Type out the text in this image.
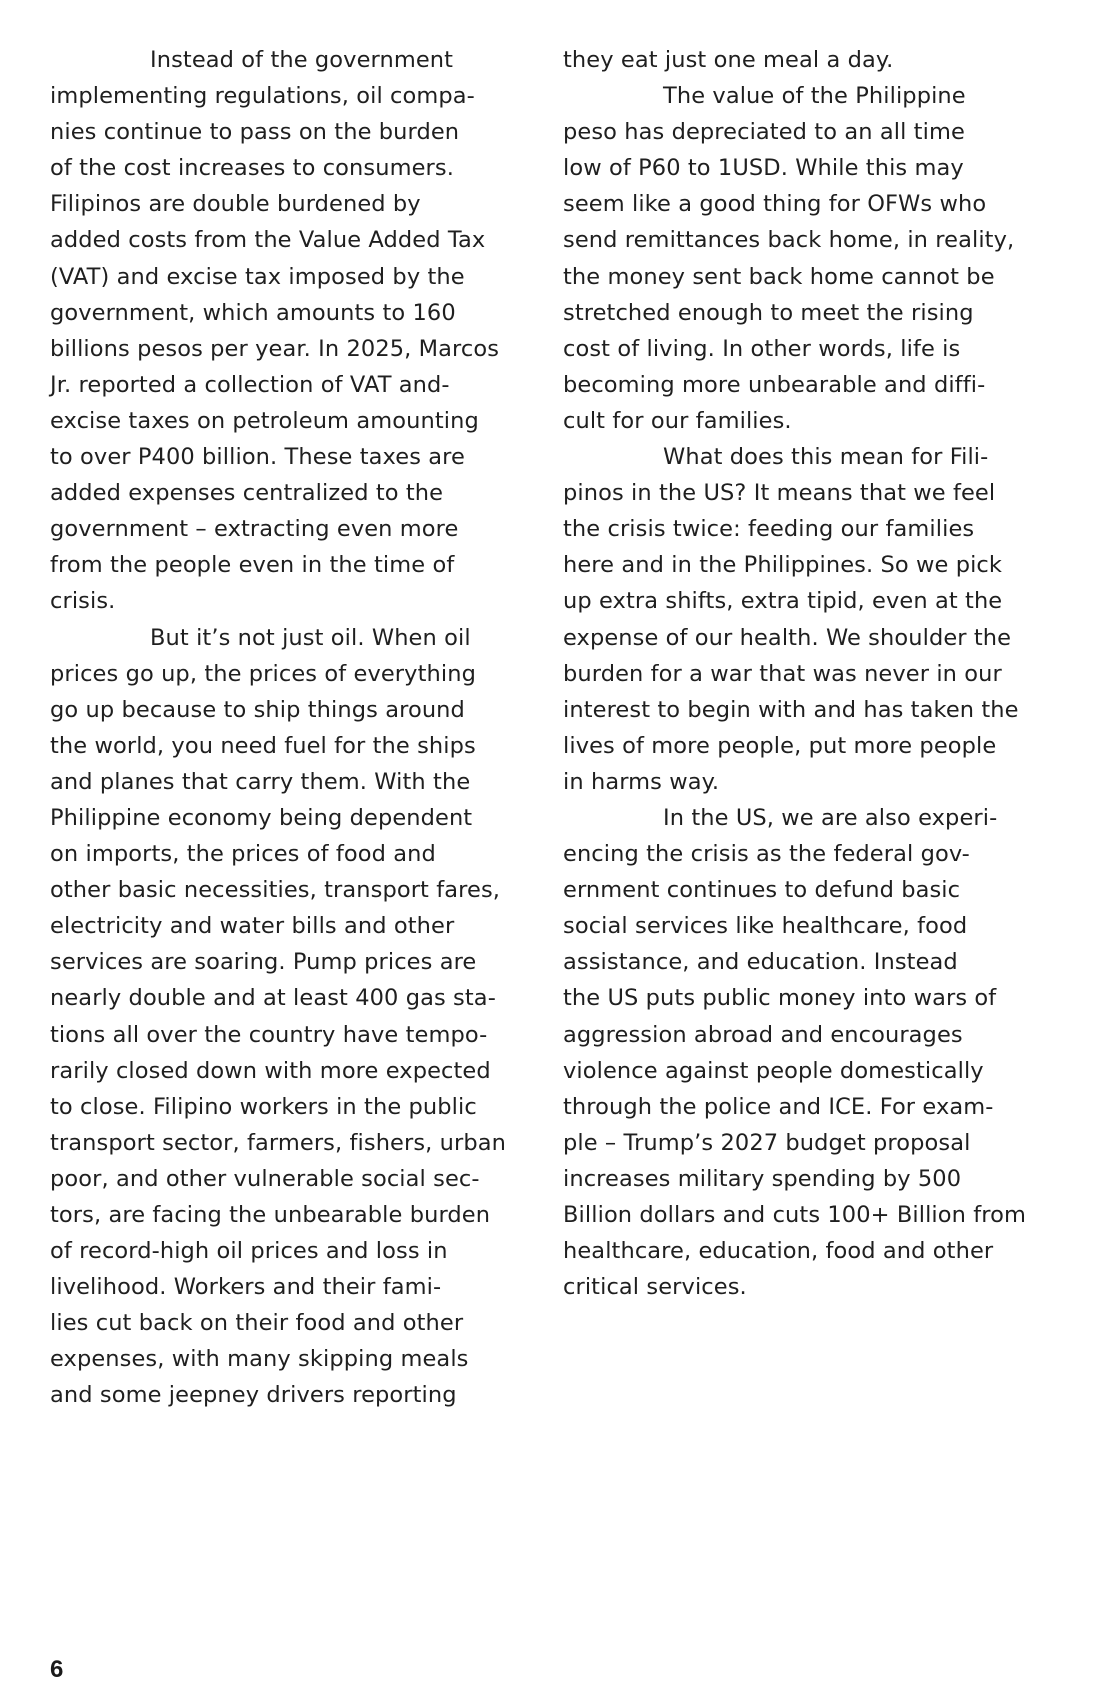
Instead of the government
implementing regulations, oil compa-
nies continue to pass on the burden
of the cost increases to consumers.
Filipinos are double burdened by
added costs from the Value Added Tax
(VAT) and excise tax imposed by the
government, which amounts to 160
billions pesos per year. In 2025, Marcos
Jr. reported a collection of VAT and-
excise taxes on petroleum amounting
to over P400 billion. These taxes are
added expenses centralized to the
government – extracting even more
from the people even in the time of
crisis.
But it’s not just oil. When oil
prices go up, the prices of everything
go up because to ship things around
the world, you need fuel for the ships
and planes that carry them. With the
Philippine economy being dependent
on imports, the prices of food and
other basic necessities, transport fares,
electricity and water bills and other
services are soaring. Pump prices are
nearly double and at least 400 gas sta-
tions all over the country have tempo-
rarily closed down with more expected
to close. Filipino workers in the public
transport sector, farmers, fishers, urban
poor, and other vulnerable social sec-
tors, are facing the unbearable burden
of record-high oil prices and loss in
livelihood. Workers and their fami-
lies cut back on their food and other
expenses, with many skipping meals
and some jeepney drivers reporting
they eat just one meal a day.
The value of the Philippine
peso has depreciated to an all time
low of P60 to 1USD. While this may
seem like a good thing for OFWs who
send remittances back home, in reality,
the money sent back home cannot be
stretched enough to meet the rising
cost of living. In other words, life is
becoming more unbearable and diffi-
cult for our families.
What does this mean for Fili-
pinos in the US? It means that we feel
the crisis twice: feeding our families
here and in the Philippines. So we pick
up extra shifts, extra tipid, even at the
expense of our health. We shoulder the
burden for a war that was never in our
interest to begin with and has taken the
lives of more people, put more people
in harms way.
In the US, we are also experi-
encing the crisis as the federal gov-
ernment continues to defund basic
social services like healthcare, food
assistance, and education. Instead
the US puts public money into wars of
aggression abroad and encourages
violence against people domestically
through the police and ICE. For exam-
ple – Trump’s 2027 budget proposal
increases military spending by 500
Billion dollars and cuts 100+ Billion from
healthcare, education, food and other
critical services.
6
